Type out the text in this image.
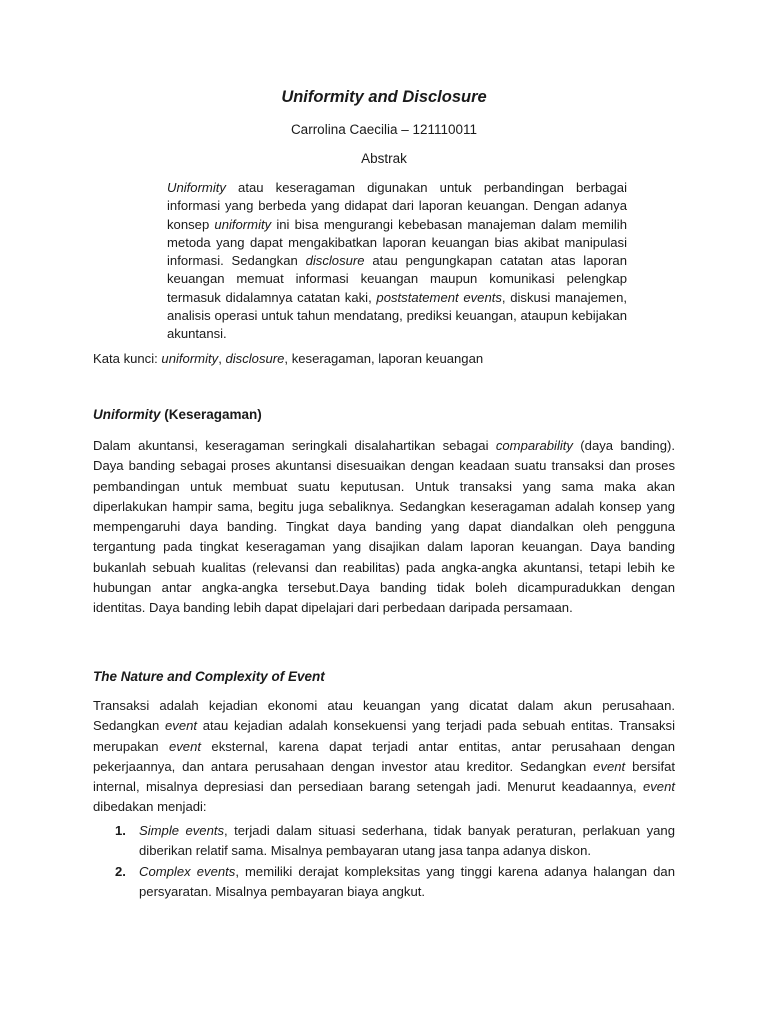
Uniformity and Disclosure
Carrolina Caecilia – 121110011
Abstrak

Uniformity atau keseragaman digunakan untuk perbandingan berbagai informasi yang berbeda yang didapat dari laporan keuangan. Dengan adanya konsep uniformity ini bisa mengurangi kebebasan manajeman dalam memilih metoda yang dapat mengakibatkan laporan keuangan bias akibat manipulasi informasi. Sedangkan disclosure atau pengungkapan catatan atas laporan keuangan memuat informasi keuangan maupun komunikasi pelengkap termasuk didalamnya catatan kaki, poststatement events, diskusi manajemen, analisis operasi untuk tahun mendatang, prediksi keuangan, ataupun kebijakan akuntansi.

Kata kunci: uniformity, disclosure, keseragaman, laporan keuangan

Uniformity (Keseragaman)

Dalam akuntansi, keseragaman seringkali disalahartikan sebagai comparability (daya banding). Daya banding sebagai proses akuntansi disesuaikan dengan keadaan suatu transaksi dan proses pembandingan untuk membuat suatu keputusan. Untuk transaksi yang sama maka akan diperlakukan hampir sama, begitu juga sebaliknya. Sedangkan keseragaman adalah konsep yang mempengaruhi daya banding. Tingkat daya banding yang dapat diandalkan oleh pengguna tergantung pada tingkat keseragaman yang disajikan dalam laporan keuangan. Daya banding bukanlah sebuah kualitas (relevansi dan reabilitas) pada angka-angka akuntansi, tetapi lebih ke hubungan antar angka-angka tersebut.Daya banding tidak boleh dicampuradukkan dengan identitas. Daya banding lebih dapat dipelajari dari perbedaan daripada persamaan.

The Nature and Complexity of Event

Transaksi adalah kejadian ekonomi atau keuangan yang dicatat dalam akun perusahaan. Sedangkan event atau kejadian adalah konsekuensi yang terjadi pada sebuah entitas. Transaksi merupakan event eksternal, karena dapat terjadi antar entitas, antar perusahaan dengan pekerjaannya, dan antara perusahaan dengan investor atau kreditor. Sedangkan event bersifat internal, misalnya depresiasi dan persediaan barang setengah jadi. Menurut keadaannya, event dibedakan menjadi:

1. Simple events, terjadi dalam situasi sederhana, tidak banyak peraturan, perlakuan yang diberikan relatif sama. Misalnya pembayaran utang jasa tanpa adanya diskon.
2. Complex events, memiliki derajat kompleksitas yang tinggi karena adanya halangan dan persyaratan. Misalnya pembayaran biaya angkut.
